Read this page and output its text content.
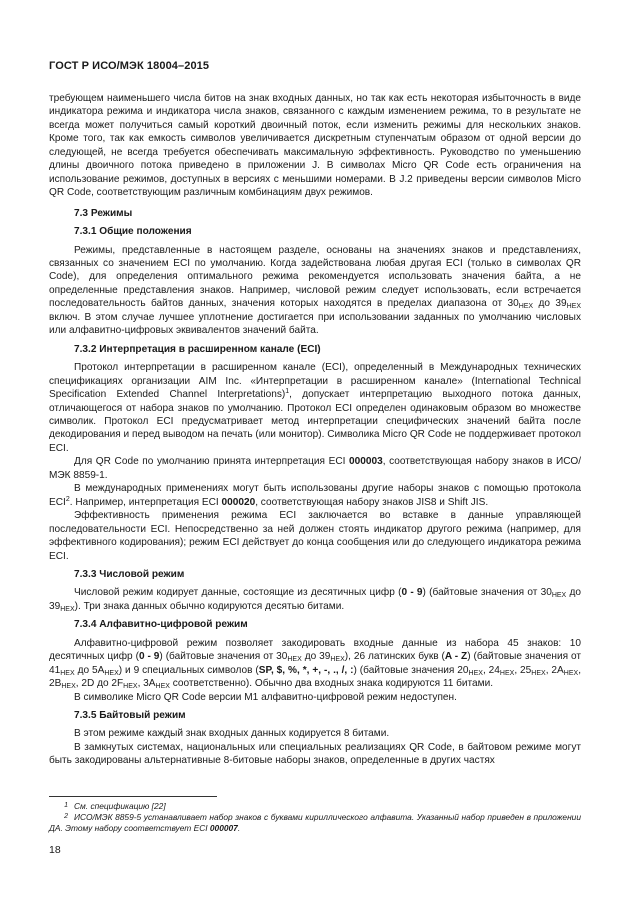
ГОСТ Р ИСО/МЭК 18004–2015

требующем наименьшего числа битов на знак входных данных, но так как есть некоторая избыточность в виде индикатора режима и индикатора числа знаков, связанного с каждым изменением режима, то в результате не всегда может получиться самый короткий двоичный поток, если изменить режимы для нескольких знаков. Кроме того, так как емкость символов увеличивается дискретным ступенчатым образом от одной версии до следующей, не всегда требуется обеспечивать максимальную эффективность. Руководство по уменьшению длины двоичного потока приведено в приложении J. В символах Micro QR Code есть ограничения на использование режимов, доступных в версиях с меньшими номерами. В J.2 приведены версии символов Micro QR Code, соответствующим различным комбинациям двух режимов.

7.3 Режимы
7.3.1 Общие положения

Режимы, представленные в настоящем разделе, основаны на значениях знаков и представлениях, связанных со значением ECI по умолчанию. Когда задействована любая другая ECI (только в символах QR Code), для определения оптимального режима рекомендуется использовать значения байта, а не определенные представления знаков. Например, числовой режим следует использовать, если встречается последовательность байтов данных, значения которых находятся в пределах диапазона от $30_{HEX}$ до $39_{HEX}$ включ. В этом случае лучшее уплотнение достигается при использовании заданных по умолчанию числовых или алфавитно-цифровых эквивалентов значений байта.

7.3.2 Интерпретация в расширенном канале (ECI)

Протокол интерпретации в расширенном канале (ECI), определенный в Международных технических спецификациях организации AIM Inc. «Интерпретации в расширенном канале» (International Technical Specification Extended Channel Interpretations)$^1$, допускает интерпретацию выходного потока данных, отличающегося от набора знаков по умолчанию. Протокол ECI определен одинаковым образом во множестве символик. Протокол ECI предусматривает метод интерпретации специфических значений байта после декодирования и перед выводом на печать (или монитор). Символика Micro QR Code не поддерживает протокол ECI.

Для QR Code по умолчанию принята интерпретация ECI 000003, соответствующая набору знаков в ИСО/МЭК 8859-1.

В международных применениях могут быть использованы другие наборы знаков с помощью протокола ECI$^2$. Например, интерпретация ECI 000020, соответствующая набору знаков JIS8 и Shift JIS.

Эффективность применения режима ECI заключается во вставке в данные управляющей последовательности ECI. Непосредственно за ней должен стоять индикатор другого режима (например, для эффективного кодирования); режим ECI действует до конца сообщения или до следующего индикатора режима ECI.

7.3.3 Числовой режим

Числовой режим кодирует данные, состоящие из десятичных цифр (0 - 9) (байтовые значения от $30_{HEX}$ до $39_{HEX}$). Три знака данных обычно кодируются десятью битами.

7.3.4 Алфавитно-цифровой режим

Алфавитно-цифровой режим позволяет закодировать входные данные из набора 45 знаков: 10 десятичных цифр (0 - 9) (байтовые значения от $30_{HEX}$ до $39_{HEX}$), 26 латинских букв (A - Z) (байтовые значения от $41_{HEX}$ до $5A_{HEX}$) и 9 специальных символов (SP, $, %, *, +, -, ., /, :) (байтовые значения $20_{HEX}$, $24_{HEX}$, $25_{HEX}$, $2A_{HEX}$, $2B_{HEX}$, 2D до $2F_{HEX}$, $3A_{HEX}$ соответственно). Обычно два входных знака кодируются 11 битами.

В символике Micro QR Code версии M1 алфавитно-цифровой режим недоступен.

7.3.5 Байтовый режим

В этом режиме каждый знак входных данных кодируется 8 битами.

В замкнутых системах, национальных или специальных реализациях QR Code, в байтовом режиме могут быть закодированы альтернативные 8-битовые наборы знаков, определенные в других частях

1 См. спецификацию [22]
2 ИСО/МЭК 8859-5 устанавливает набор знаков с буквами кириллического алфавита. Указанный набор приведен в приложении ДА. Этому набору соответствует ECI 000007.
18
